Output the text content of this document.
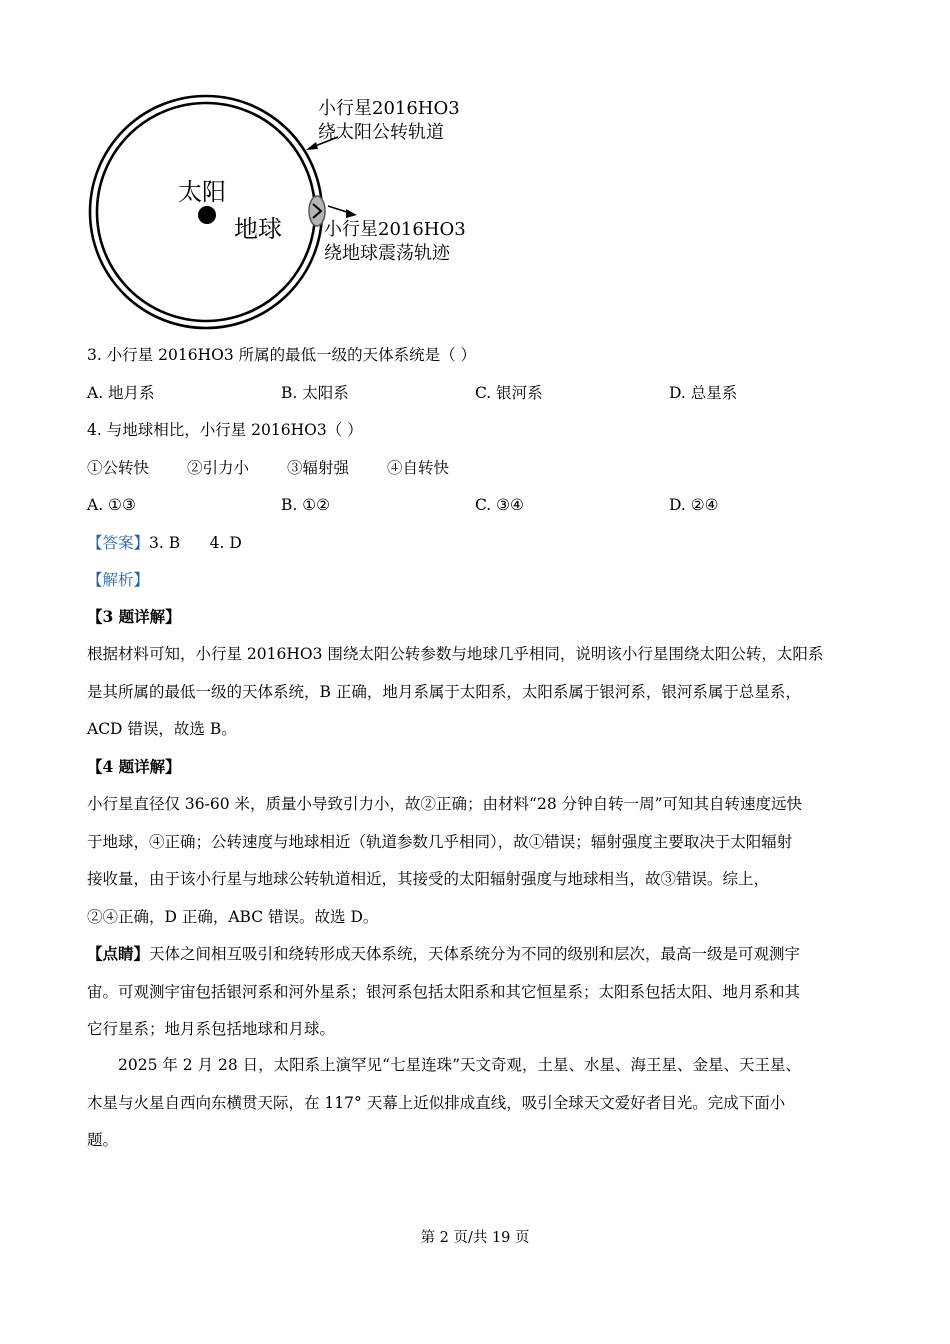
太阳
地球
小行星2016HO3
绕太阳公转轨道
小行星2016HO3
绕地球震荡轨迹
3. 小行星 2016HO3 所属的最低一级的天体系统是（ ）
A. 地月系	B. 太阳系	C. 银河系	D. 总星系
4. 与地球相比，小行星 2016HO3（ ）
①公转快 ②引力小 ③辐射强 ④自转快
A. ①③	B. ①②	C. ③④	D. ②④
【答案】3. B      4. D
【解析】
【3 题详解】
根据材料可知，小行星 2016HO3 围绕太阳公转参数与地球几乎相同，说明该小行星围绕太阳公转，太阳系
是其所属的最低一级的天体系统，B 正确，地月系属于太阳系，太阳系属于银河系，银河系属于总星系，
ACD 错误，故选 B。
【4 题详解】
小行星直径仅 36-60 米，质量小导致引力小，故②正确；由材料“28 分钟自转一周”可知其自转速度远快
于地球，④正确；公转速度与地球相近（轨道参数几乎相同），故①错误；辐射强度主要取决于太阳辐射
接收量，由于该小行星与地球公转轨道相近，其接受的太阳辐射强度与地球相当，故③错误。综上，
②④正确，D 正确，ABC 错误。故选 D。
【点睛】天体之间相互吸引和绕转形成天体系统，天体系统分为不同的级别和层次，最高一级是可观测宇
宙。可观测宇宙包括银河系和河外星系；银河系包括太阳系和其它恒星系；太阳系包括太阳、地月系和其
它行星系；地月系包括地球和月球。
2025 年 2 月 28 日，太阳系上演罕见“七星连珠”天文奇观，土星、水星、海王星、金星、天王星、
木星与火星自西向东横贯天际，在 117° 天幕上近似排成直线，吸引全球天文爱好者目光。完成下面小
题。
第 2 页/共 19 页
